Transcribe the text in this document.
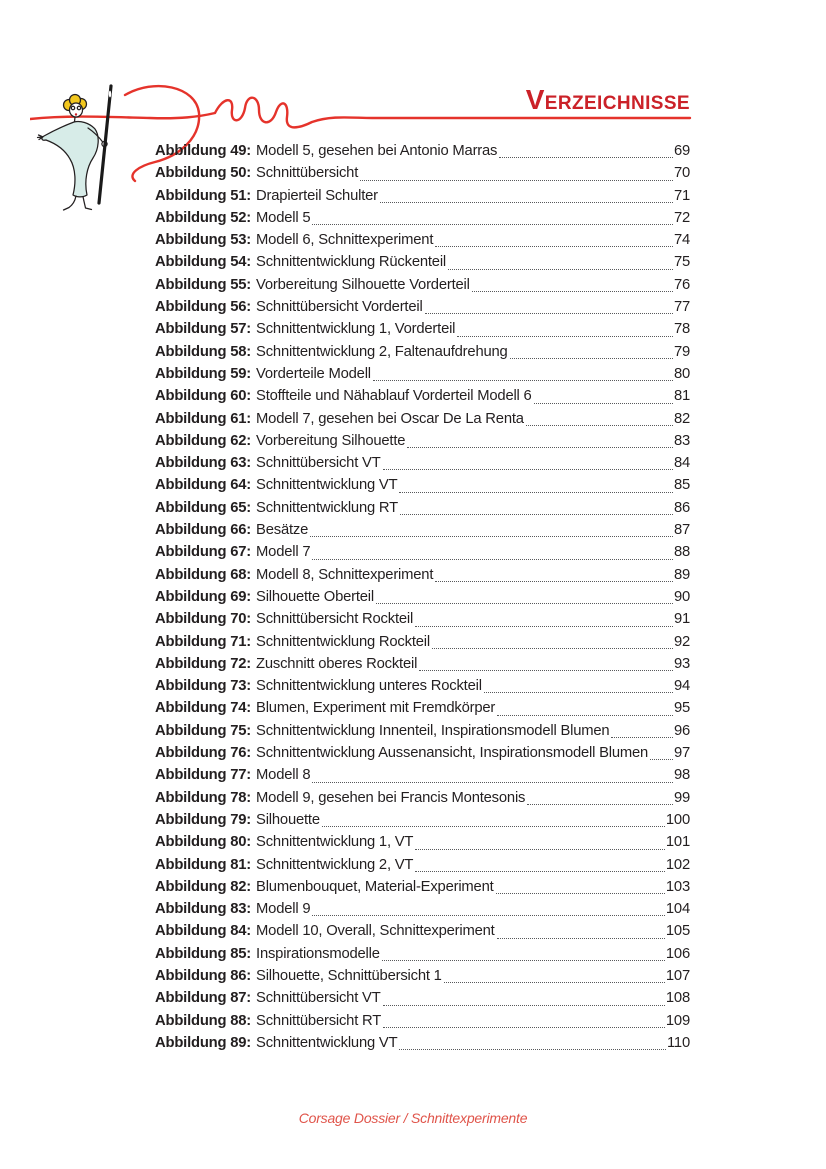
VERZEICHNISSE
Abbildung 49: Modell 5, gesehen bei Antonio Marras	69
Abbildung 50: Schnittübersicht	70
Abbildung 51: Drapierteil Schulter	71
Abbildung 52: Modell 5	72
Abbildung 53: Modell 6, Schnittexperiment	74
Abbildung 54: Schnittentwicklung Rückenteil	75
Abbildung 55: Vorbereitung Silhouette Vorderteil	76
Abbildung 56: Schnittübersicht Vorderteil	77
Abbildung 57: Schnittentwicklung 1, Vorderteil	78
Abbildung 58: Schnittentwicklung 2, Faltenaufdrehung	79
Abbildung 59: Vorderteile Modell	80
Abbildung 60: Stoffteile und Nähablauf Vorderteil Modell 6	81
Abbildung 61: Modell 7, gesehen bei Oscar De La Renta	82
Abbildung 62: Vorbereitung Silhouette	83
Abbildung 63: Schnittübersicht VT	84
Abbildung 64: Schnittentwicklung VT	85
Abbildung 65: Schnittentwicklung RT	86
Abbildung 66: Besätze	87
Abbildung 67: Modell 7	88
Abbildung 68: Modell 8, Schnittexperiment	89
Abbildung 69: Silhouette Oberteil	90
Abbildung 70: Schnittübersicht Rockteil	91
Abbildung 71: Schnittentwicklung Rockteil	92
Abbildung 72: Zuschnitt oberes Rockteil	93
Abbildung 73: Schnittentwicklung unteres Rockteil	94
Abbildung 74: Blumen, Experiment mit Fremdkörper	95
Abbildung 75: Schnittentwicklung Innenteil, Inspirationsmodell Blumen	96
Abbildung 76: Schnittentwicklung Aussenansicht, Inspirationsmodell Blumen 97
Abbildung 77: Modell 8	98
Abbildung 78: Modell 9, gesehen bei Francis Montesonis	99
Abbildung 79: Silhouette	100
Abbildung 80: Schnittentwicklung 1, VT	101
Abbildung 81: Schnittentwicklung 2, VT	102
Abbildung 82: Blumenbouquet, Material-Experiment	103
Abbildung 83: Modell 9	104
Abbildung 84: Modell 10, Overall, Schnittexperiment	105
Abbildung 85: Inspirationsmodelle	106
Abbildung 86: Silhouette, Schnittübersicht 1	107
Abbildung 87: Schnittübersicht VT	108
Abbildung 88: Schnittübersicht RT	109
Abbildung 89: Schnittentwicklung VT	110
Corsage Dossier / Schnittexperimente
